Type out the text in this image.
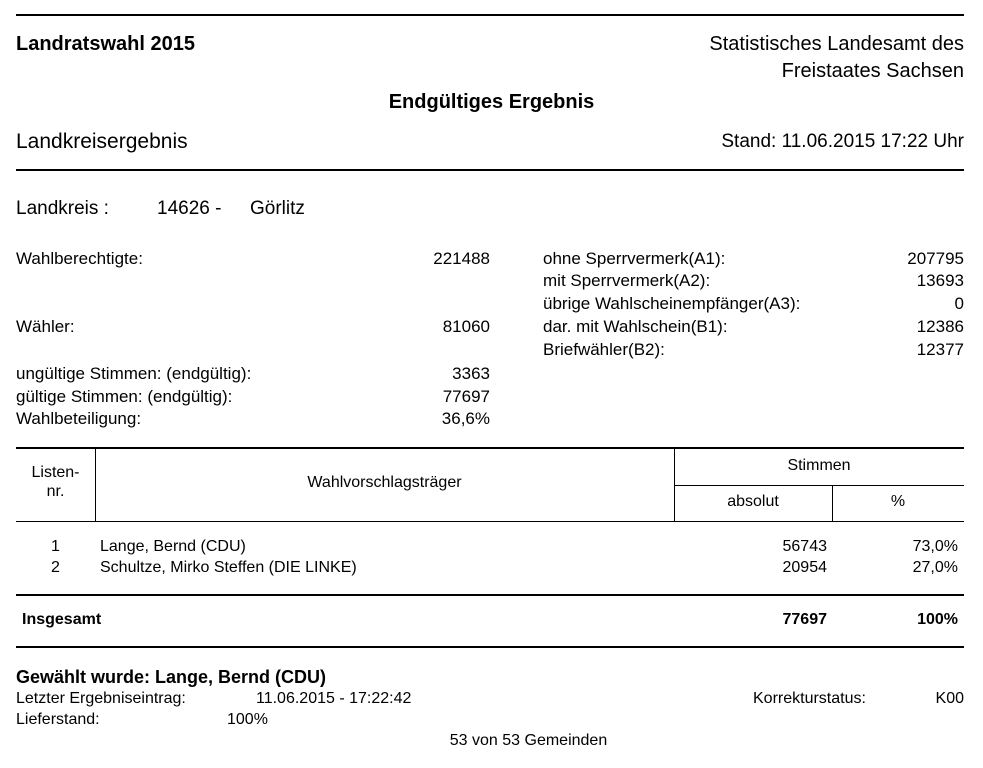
Landratswahl 2015	Statistisches Landesamt des
Freistaates Sachsen
Endgültiges Ergebnis
Landkreisergebnis	Stand: 11.06.2015 17:22 Uhr
Landkreis :	14626 - Görlitz
Wahlberechtigte:	221488
Wähler:	81060
ungültige Stimmen: (endgültig):	3363
gültige Stimmen: (endgültig):	77697
Wahlbeteiligung:	36,6%
ohne Sperrvermerk(A1):	207795
mit Sperrvermerk(A2):	13693
übrige Wahlscheinempfänger(A3):	0
dar. mit Wahlschein(B1):	12386
Briefwähler(B2):	12377
Listen-
nr.
Wahlvorschlagsträger
Stimmen
absolut	%
1	Lange, Bernd (CDU)	56743	73,0%
2	Schultze, Mirko Steffen (DIE LINKE)	20954	27,0%
Insgesamt	77697	100%
Gewählt wurde: Lange, Bernd (CDU)
Letzter Ergebniseintrag:	11.06.2015 - 17:22:42	Korrekturstatus:	K00
Lieferstand:	100%
53 von 53 Gemeinden
